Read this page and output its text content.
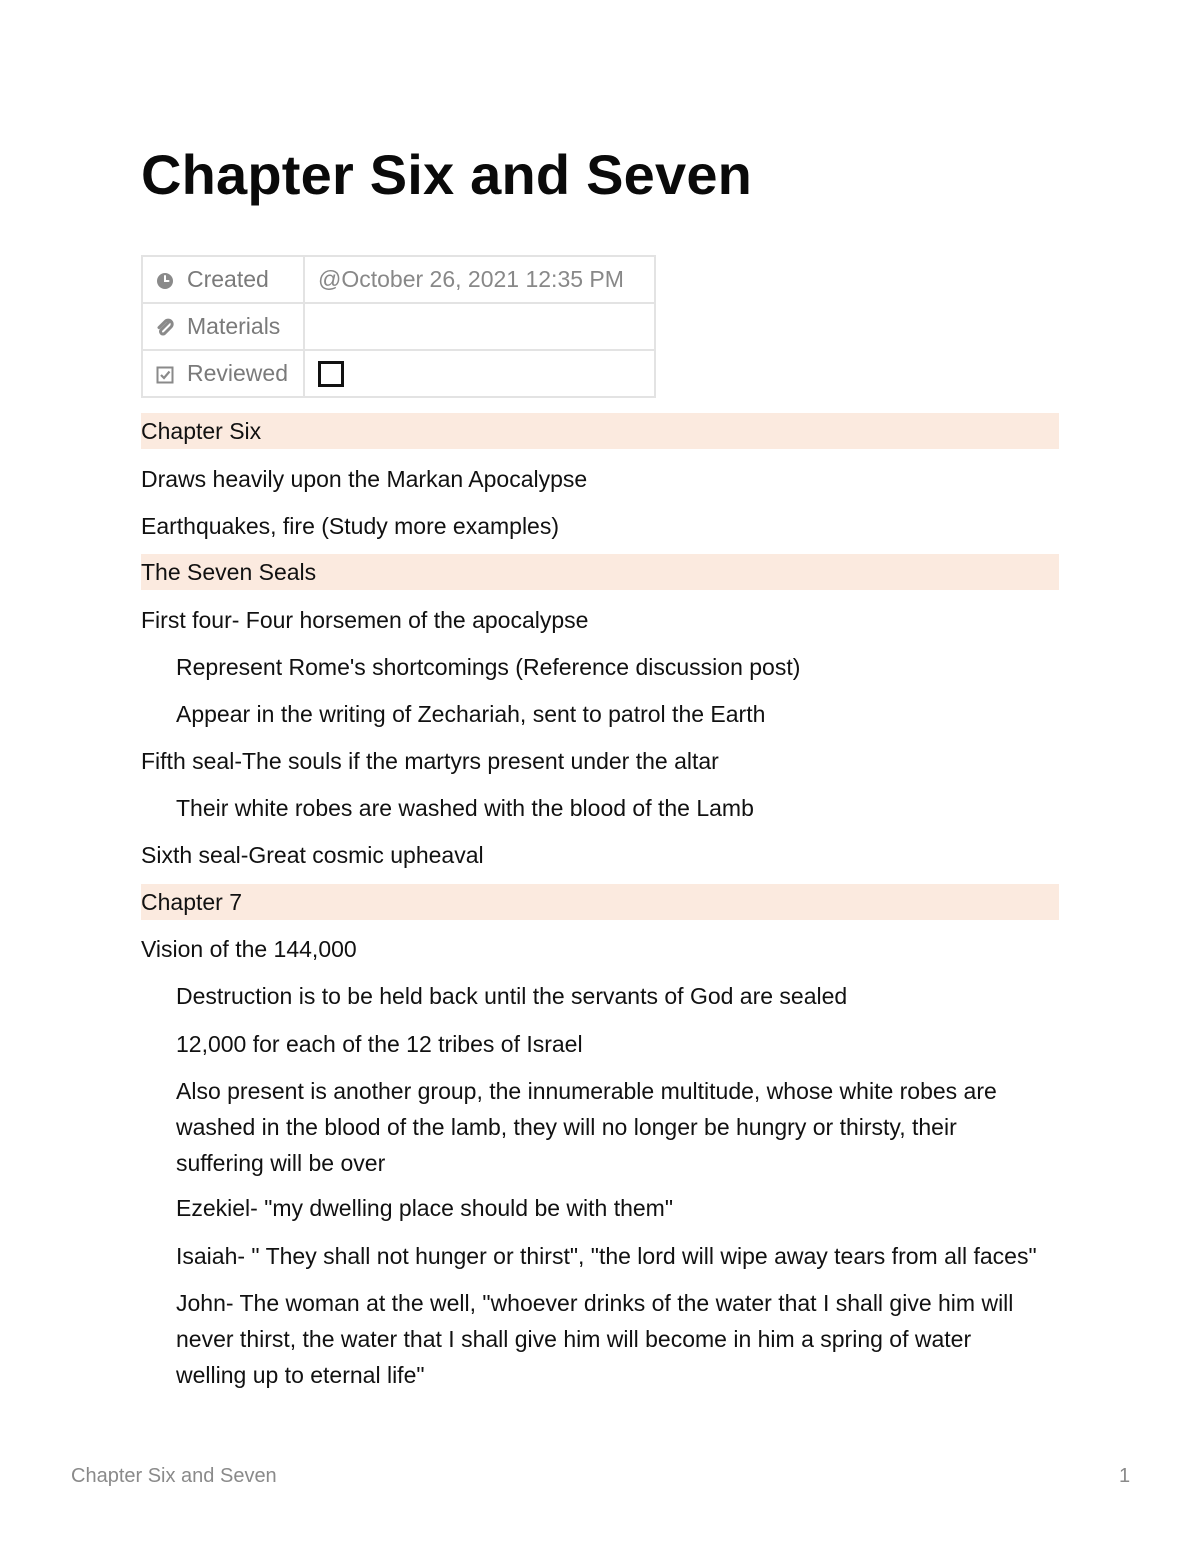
Chapter Six and Seven
Created	@October 26, 2021 12:35 PM

Materials	

Reviewed	

Chapter Six
Draws heavily upon the Markan Apocalypse
Earthquakes, fire (Study more examples)
The Seven Seals
First four- Four horsemen of the apocalypse
Represent Rome's shortcomings (Reference discussion post)
Appear in the writing of Zechariah, sent to patrol the Earth
Fifth seal-The souls if the martyrs present under the altar
Their white robes are washed with the blood of the Lamb
Sixth seal-Great cosmic upheaval
Chapter 7
Vision of the 144,000
Destruction is to be held back until the servants of God are sealed
12,000 for each of the 12 tribes of Israel
Also present is another group, the innumerable multitude, whose white robes are washed in the blood of the lamb, they will no longer be hungry or thirsty, their suffering will be over
Ezekiel- "my dwelling place should be with them"
Isaiah- " They shall not hunger or thirst", "the lord will wipe away tears from all faces"
John- The woman at the well, "whoever drinks of the water that I shall give him will never thirst, the water that I shall give him will become in him a spring of water welling up to eternal life"
Chapter Six and Seven	1
